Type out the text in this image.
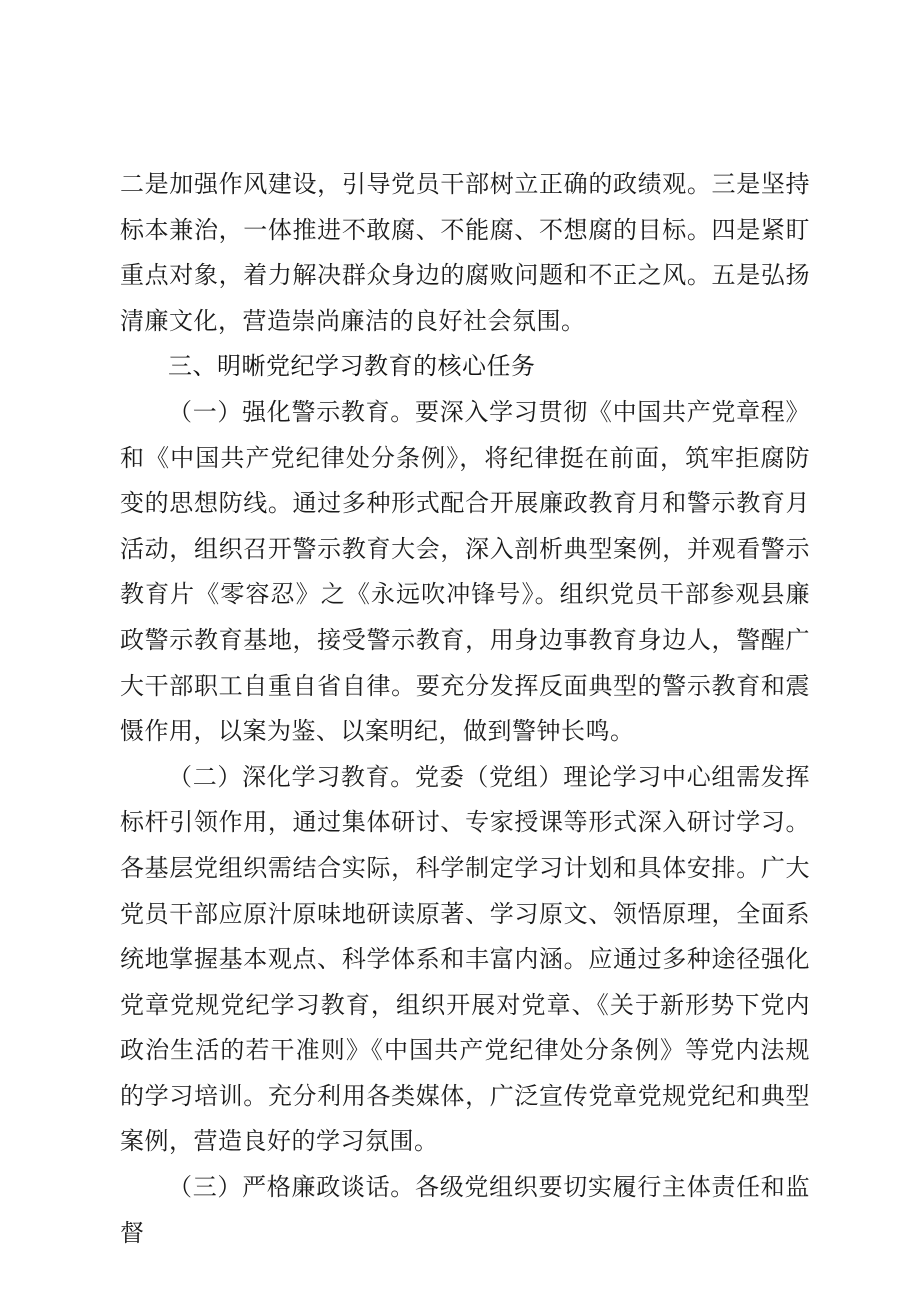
二是加强作风建设，引导党员干部树立正确的政绩观。三是坚持标本兼治，一体推进不敢腐、不能腐、不想腐的目标。四是紧盯重点对象，着力解决群众身边的腐败问题和不正之风。五是弘扬清廉文化，营造崇尚廉洁的良好社会氛围。

三、明晰党纪学习教育的核心任务

（一）强化警示教育。要深入学习贯彻《中国共产党章程》和《中国共产党纪律处分条例》，将纪律挺在前面，筑牢拒腐防变的思想防线。通过多种形式配合开展廉政教育月和警示教育月活动，组织召开警示教育大会，深入剖析典型案例，并观看警示教育片《零容忍》之《永远吹冲锋号》。组织党员干部参观县廉政警示教育基地，接受警示教育，用身边事教育身边人，警醒广大干部职工自重自省自律。要充分发挥反面典型的警示教育和震慑作用，以案为鉴、以案明纪，做到警钟长鸣。

（二）深化学习教育。党委（党组）理论学习中心组需发挥标杆引领作用，通过集体研讨、专家授课等形式深入研讨学习。各基层党组织需结合实际，科学制定学习计划和具体安排。广大党员干部应原汁原味地研读原著、学习原文、领悟原理，全面系统地掌握基本观点、科学体系和丰富内涵。应通过多种途径强化党章党规党纪学习教育，组织开展对党章、《关于新形势下党内政治生活的若干准则》《中国共产党纪律处分条例》等党内法规的学习培训。充分利用各类媒体，广泛宣传党章党规党纪和典型案例，营造良好的学习氛围。

（三）严格廉政谈话。各级党组织要切实履行主体责任和监督
